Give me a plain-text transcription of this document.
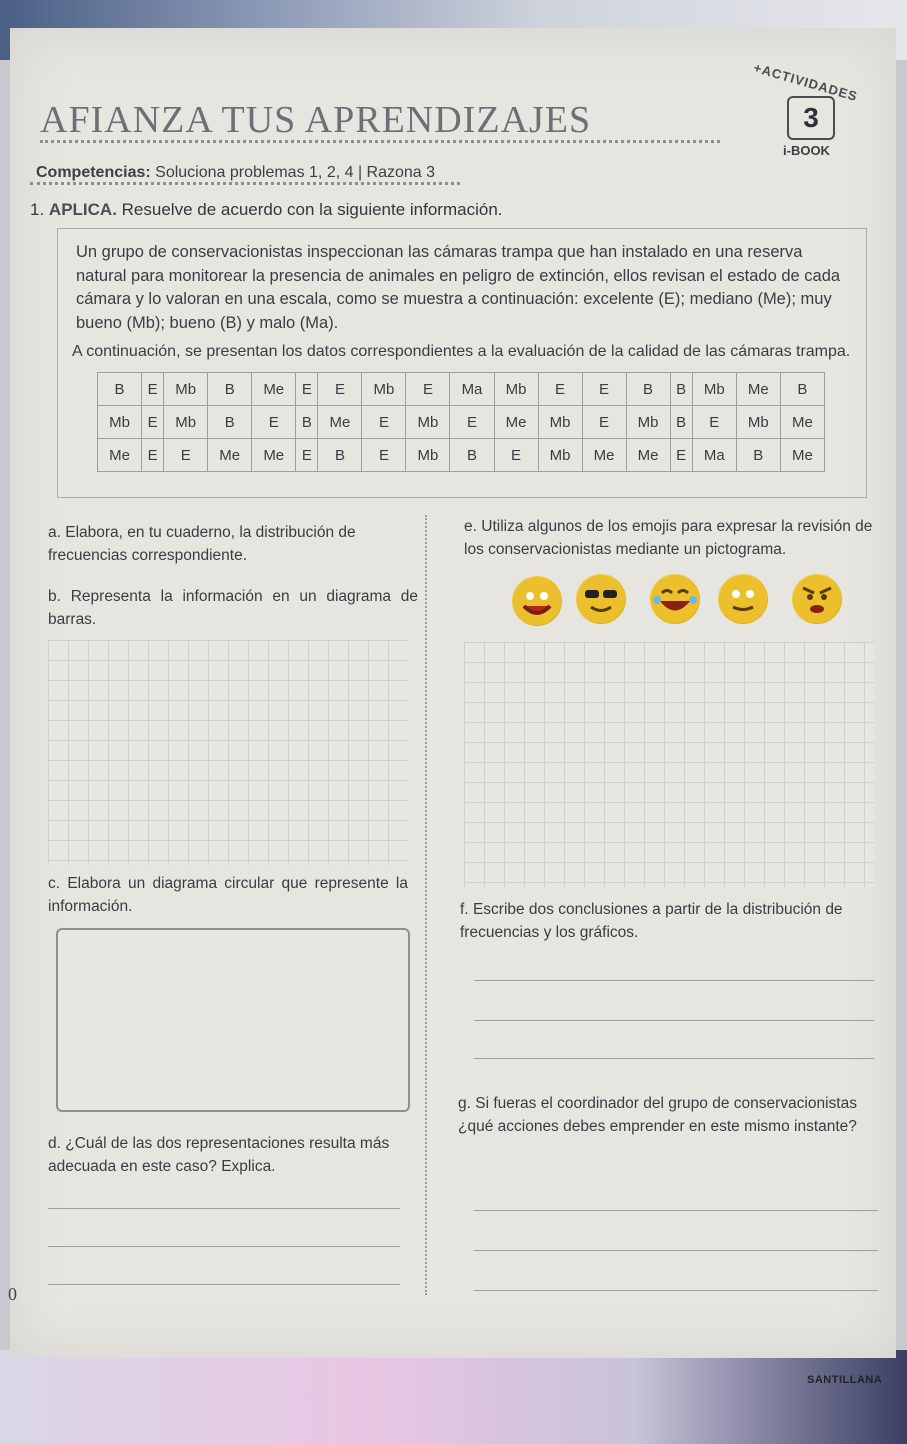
AFIANZA TUS APRENDIZAJES
+ACTIVIDADES
3
i-BOOK
Competencias: Soluciona problemas 1, 2, 4 | Razona 3
1. APLICA. Resuelve de acuerdo con la siguiente información.
Un grupo de conservacionistas inspeccionan las cámaras trampa que han instalado en una reserva natural para monitorear la presencia de animales en peligro de extinción, ellos revisan el estado de cada cámara y lo valoran en una escala, como se muestra a continuación: excelente (E); mediano (Me); muy bueno (Mb); bueno (B) y malo (Ma).
A continuación, se presentan los datos correspondientes a la evaluación de la calidad de las cámaras trampa.
B	E	Mb	B	Me	E	E	Mb	E	Ma	Mb	E	E	B	B	Mb	Me	B
Mb	E	Mb	B	E	B	Me	E	Mb	E	Me	Mb	E	Mb	B	E	Mb	Me
Me	E	E	Me	Me	E	B	E	Mb	B	E	Mb	Me	Me	E	Ma	B	Me
a. Elabora, en tu cuaderno, la distribución de frecuencias correspondiente.
b. Representa la información en un diagrama de barras.
c. Elabora un diagrama circular que represente la información.
d. ¿Cuál de las dos representaciones resulta más adecuada en este caso? Explica.
e. Utiliza algunos de los emojis para expresar la revisión de los conservacionistas mediante un pictograma.
f. Escribe dos conclusiones a partir de la distribución de frecuencias y los gráficos.
g. Si fueras el coordinador del grupo de conservacionistas ¿qué acciones debes emprender en este mismo instante?
0
SANTILLANA
